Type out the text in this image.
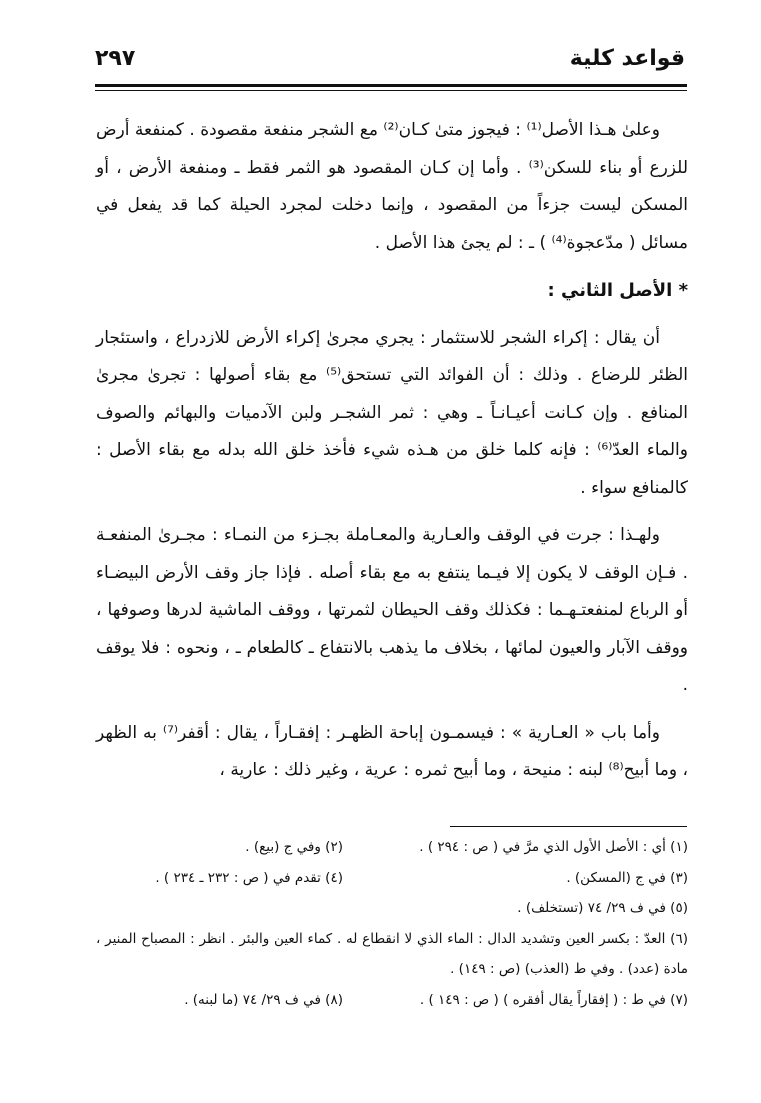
قواعد كلية
٢٩٧

وعلىٰ هـذا الأصل⁽¹⁾ : فيجوز متىٰ كـان⁽²⁾ مع الشجر منفعة مقصودة . كمنفعة أرض للزرع أو بناء للسكن⁽³⁾ . وأما إن كـان المقصود هو الثمر فقط ـ ومنفعة الأرض ، أو المسكن ليست جزءاً من المقصود ، وإنما دخلت لمجرد الحيلة كما قد يفعل في مسائل ( مدّعجوة⁽⁴⁾ ) ـ : لم يجئ هذا الأصل .

* الأصل الثاني :

أن يقال : إكراء الشجر للاستثمار : يجري مجرىٰ إكراء الأرض للازدراع ، واستئجار الظئر للرضاع . وذلك : أن الفوائد التي تستحق⁽⁵⁾ مع بقاء أصولها : تجرىٰ مجرىٰ المنافع . وإن كـانت أعيـانـاً ـ وهي : ثمر الشجـر ولبن الآدميات والبهائم والصوف والماء العدّ⁽⁶⁾ : فإنه كلما خلق من هـذه شيء فأخذ خلق الله بدله مع بقاء الأصل : كالمنافع سواء .

ولهـذا : جرت في الوقف والعـارية والمعـاملة بجـزء من النمـاء : مجـرىٰ المنفعـة . فـإن الوقف لا يكون إلا فيـما ينتفع به مع بقاء أصله . فإذا جاز وقف الأرض البيضـاء أو الرباع لمنفعتـهـما : فكذلك وقف الحيطان لثمرتها ، ووقف الماشية لدرها وصوفها ، ووقف الآبار والعيون لمائها ، بخلاف ما يذهب بالانتفاع ـ كالطعام ـ ، ونحوه : فلا يوقف .

وأما باب « العـارية » : فيسمـون إباحة الظهـر : إفقـاراً ، يقال : أقفر⁽⁷⁾ به الظهر ، وما أبيح⁽⁸⁾ لبنه : منيحة ، وما أبيح ثمره : عرية ، وغير ذلك : عارية ،

(١) أي : الأصل الأول الذي مرَّ في ( ص : ٢٩٤ ) .
(٢) وفي ج (بيع) .
(٣) في ج (المسكن) .
(٤) تقدم في ( ص : ٢٣٢ ـ ٢٣٤ ) .
(٥) في ف ٢٩/ ٧٤ (تستخلف) .
(٦) العدّ : بكسر العين وتشديد الدال : الماء الذي لا انقطاع له . كماء العين والبئر . انظر : المصباح المنير ، مادة (عدد) . وفي ط (العذب) (ص : ١٤٩) .
(٧) في ط : ( إفقاراً يقال أفقره ) ( ص : ١٤٩ ) .
(٨) في ف ٢٩/ ٧٤ (ما لبنه) .
